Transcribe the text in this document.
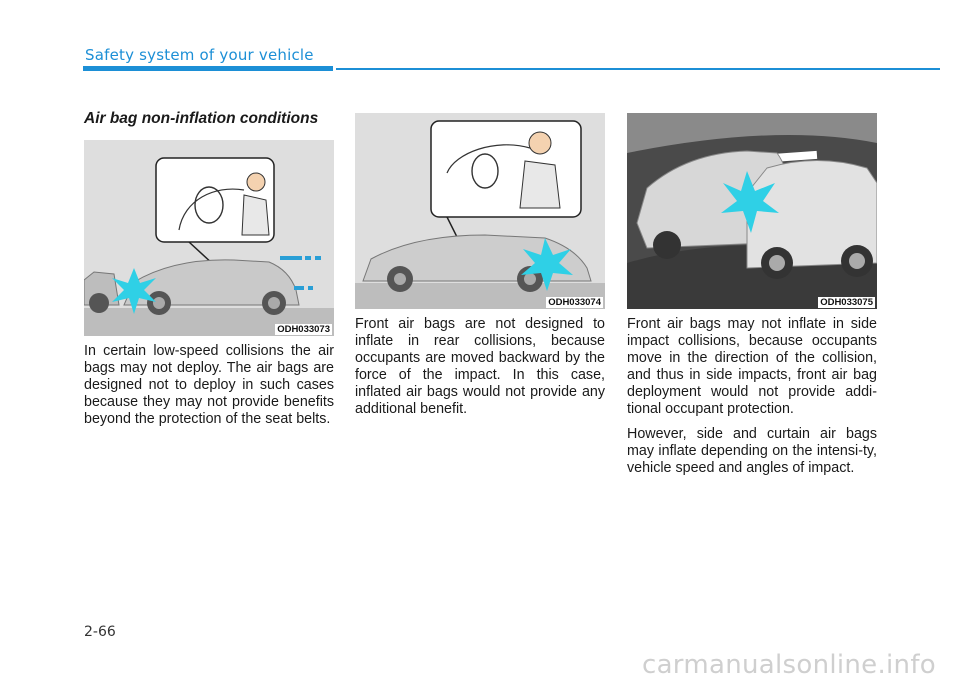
Safety system of your vehicle
Air bag non-inflation conditions
ODH033073
ODH033074	ODH033075

In certain low-speed collisions the air bags may not deploy. The air bags are designed not to deploy in such cases because they may not provide benefits beyond the protection of the seat belts.

Front air bags are not designed to inflate in rear collisions, because occupants are moved backward by the force of the impact. In this case, inflated air bags would not provide any additional benefit.

Front air bags may not inflate in side impact collisions, because occupants move in the direction of the collision, and thus in side impacts, front air bag deployment would not provide addi-tional occupant protection.

However, side and curtain air bags may inflate depending on the intensi-ty, vehicle speed and angles of impact.

2-66
carmanualsonline.info
